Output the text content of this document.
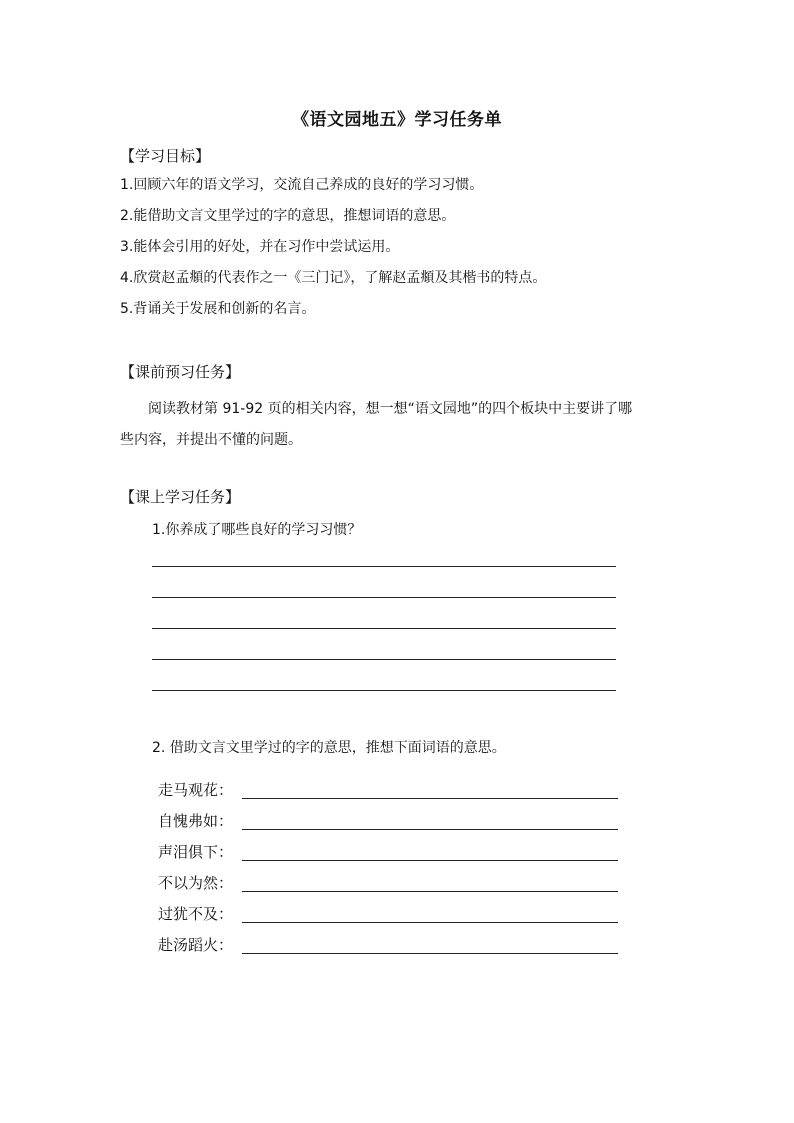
《语文园地五》学习任务单
【学习目标】
1.回顾六年的语文学习，交流自己养成的良好的学习习惯。
2.能借助文言文里学过的字的意思，推想词语的意思。
3.能体会引用的好处，并在习作中尝试运用。
4.欣赏赵孟頫的代表作之一《三门记》，了解赵孟頫及其楷书的特点。
5.背诵关于发展和创新的名言。
【课前预习任务】
阅读教材第 91-92 页的相关内容，想一想“语文园地”的四个板块中主要讲了哪些内容，并提出不懂的问题。
【课上学习任务】
1.你养成了哪些良好的学习习惯？
2. 借助文言文里学过的字的意思，推想下面词语的意思。
走马观花：
自愧弗如：
声泪俱下：
不以为然：
过犹不及：
赴汤蹈火：
